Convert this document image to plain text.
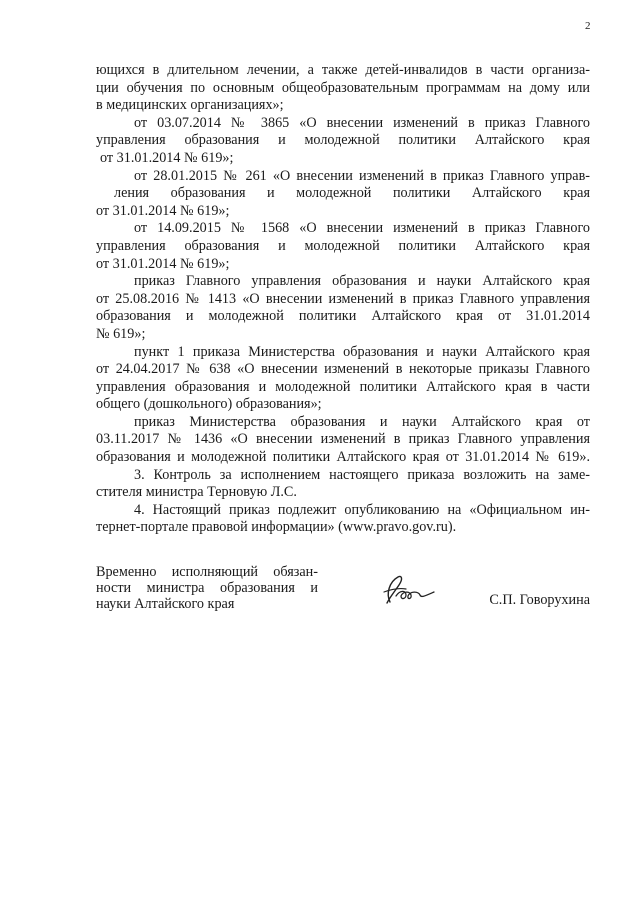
2
ющихся в длительном лечении, а также детей-инвалидов в части организа-
ции обучения по основным общеобразовательным программам на дому или
в медицинских организациях»;
от 03.07.2014 № 3865 «О внесении изменений в приказ Главного
управления образования и молодежной политики Алтайского края
от 31.01.2014 № 619»;
от 28.01.2015 № 261 «О внесении изменений в приказ Главного управ-
ления образования и молодежной политики Алтайского края
от 31.01.2014 № 619»;
от 14.09.2015 № 1568 «О внесении изменений в приказ Главного
управления образования и молодежной политики Алтайского края
от 31.01.2014 № 619»;
приказ Главного управления образования и науки Алтайского края
от 25.08.2016 № 1413 «О внесении изменений в приказ Главного управления
образования и молодежной политики Алтайского края от 31.01.2014
№ 619»;
пункт 1 приказа Министерства образования и науки Алтайского края
от 24.04.2017 № 638 «О внесении изменений в некоторые приказы Главного
управления образования и молодежной политики Алтайского края в части
общего (дошкольного) образования»;
приказ Министерства образования и науки Алтайского края от
03.11.2017 № 1436 «О внесении изменений в приказ Главного управления
образования и молодежной политики Алтайского края от 31.01.2014 № 619».
3. Контроль за исполнением настоящего приказа возложить на заме-
стителя министра Терновую Л.С.
4. Настоящий приказ подлежит опубликованию на «Официальном ин-
тернет-портале правовой информации» (www.pravo.gov.ru).
Временно исполняющий обязан-
ности министра образования и
науки Алтайского края	С.П. Говорухина
